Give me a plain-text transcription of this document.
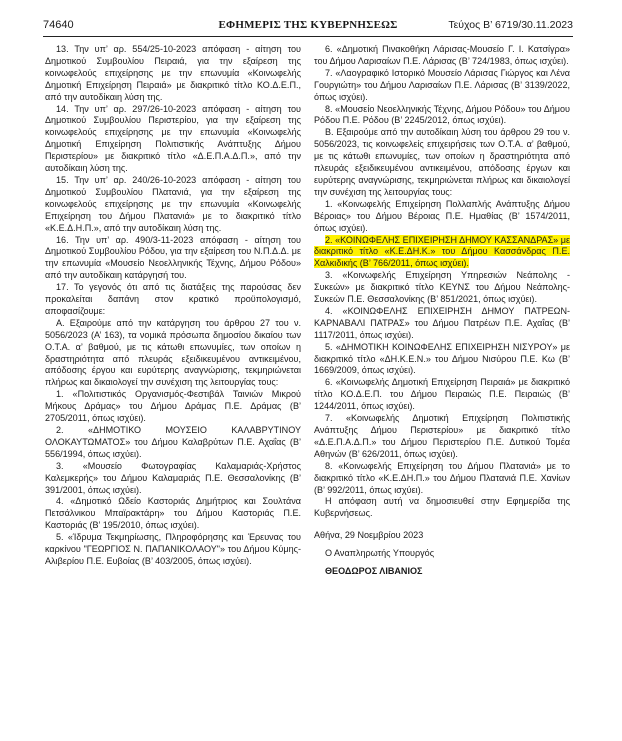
74640	ΕΦΗΜΕΡΙΣ ΤΗΣ ΚΥΒΕΡΝΗΣΕΩΣ	Τεύχος B’ 6719/30.11.2023

13. Την υπ’ αρ. 554/25-10-2023 απόφαση - αίτηση του Δημοτικού Συμβουλίου Πειραιά, για την εξαίρεση της κοινωφελούς επιχείρησης με την επωνυμία «Κοινωφελής Δημοτική Επιχείρηση Πειραιά» με διακριτικό τίτλο ΚΟ.Δ.Ε.Π., από την αυτοδίκαιη λύση της.

14. Την υπ’ αρ. 297/26-10-2023 απόφαση - αίτηση του Δημοτικού Συμβουλίου Περιστερίου, για την εξαίρεση της κοινωφελούς επιχείρησης με την επωνυμία «Κοινωφελής Δημοτική Επιχείρηση Πολιτιστικής Ανάπτυξης Δήμου Περιστερίου» με διακριτικό τίτλο «Δ.Ε.Π.Α.Δ.Π.», από την αυτοδίκαιη λύση της.

15. Την υπ’ αρ. 240/26-10-2023 απόφαση - αίτηση του Δημοτικού Συμβουλίου Πλατανιά, για την εξαίρεση της κοινωφελούς επιχείρησης με την επωνυμία «Κοινωφελής Επιχείρηση του Δήμου Πλατανιά» με το διακριτικό τίτλο «Κ.Ε.Δ.Η.Π.», από την αυτοδίκαιη λύση της.

16. Την υπ’ αρ. 490/3-11-2023 απόφαση - αίτηση του Δημοτικού Συμβουλίου Ρόδου, για την εξαίρεση του Ν.Π.Δ.Δ. με την επωνυμία «Μουσείο Νεοελληνικής Τέχνης, Δήμου Ρόδου» από την αυτοδίκαιη κατάργησή του.

17. Το γεγονός ότι από τις διατάξεις της παρούσας δεν προκαλείται δαπάνη στον κρατικό προϋπολογισμό, αποφασίζουμε:

Α. Εξαιρούμε από την κατάργηση του άρθρου 27 του ν. 5056/2023 (Α’ 163), τα νομικά πρόσωπα δημοσίου δικαίου των Ο.Τ.Α. α’ βαθμού, με τις κάτωθι επωνυμίες, των οποίων η δραστηριότητα από πλευράς εξειδικευμένου αντικειμένου, απόδοσης έργου και ευρύτερης αναγνώρισης, τεκμηριώνεται πλήρως και δικαιολογεί την συνέχιση της λειτουργίας τους:

1. «Πολιτιστικός Οργανισμός-Φεστιβάλ Ταινιών Μικρού Μήκους Δράμας» του Δήμου Δράμας Π.Ε. Δράμας (Β’ 2705/2011, όπως ισχύει).

2. «ΔΗΜΟΤΙΚΟ ΜΟΥΣΕΙΟ ΚΑΛΑΒΡΥΤΙΝΟΥ ΟΛΟΚΑΥΤΩΜΑΤΟΣ» του Δήμου Καλαβρύτων Π.Ε. Αχαΐας (Β’ 556/1994, όπως ισχύει).

3. «Μουσείο Φωτογραφίας Καλαμαριάς-Χρήστος Καλεμκερής» του Δήμου Καλαμαριάς Π.Ε. Θεσσαλονίκης (Β’ 391/2001, όπως ισχύει).

4. «Δημοτικό Ωδείο Καστοριάς Δημήτριος και Σουλτάνα Πετσάλνικου Μπαϊρακτάρη» του Δήμου Καστοριάς Π.Ε. Καστοριάς (Β’ 195/2010, όπως ισχύει).

5. «Ίδρυμα Τεκμηρίωσης, Πληροφόρησης και Έρευνας του καρκίνου "ΓΕΩΡΓΙΟΣ Ν. ΠΑΠΑΝΙΚΟΛΑΟΥ"» του Δήμου Κύμης-Αλιβερίου Π.Ε. Ευβοίας (Β’ 403/2005, όπως ισχύει).

6. «Δημοτική Πινακοθήκη Λάρισας-Μουσείο Γ. Ι. Κατσίγρα» του Δήμου Λαρισαίων Π.Ε. Λάρισας (Β’ 724/1983, όπως ισχύει).

7. «Λαογραφικό Ιστορικό Μουσείο Λάρισας Γιώργος και Λένα Γουργιώτη» του Δήμου Λαρισαίων Π.Ε. Λάρισας (Β’ 3139/2022, όπως ισχύει).

8. «Μουσείο Νεοελληνικής Τέχνης, Δήμου Ρόδου» του Δήμου Ρόδου Π.Ε. Ρόδου (Β’ 2245/2012, όπως ισχύει).

Β. Εξαιρούμε από την αυτοδίκαιη λύση του άρθρου 29 του ν. 5056/2023, τις κοινωφελείς επιχειρήσεις των Ο.Τ.Α. α’ βαθμού, με τις κάτωθι επωνυμίες, των οποίων η δραστηριότητα από πλευράς εξειδικευμένου αντικειμένου, απόδοσης έργων και ευρύτερης αναγνώρισης, τεκμηριώνεται πλήρως και δικαιολογεί την συνέχιση της λειτουργίας τους:

1. «Κοινωφελής Επιχείρηση Πολλαπλής Ανάπτυξης Δήμου Βέροιας» του Δήμου Βέροιας Π.Ε. Ημαθίας (Β’ 1574/2011, όπως ισχύει).

2. «ΚΟΙΝΩΦΕΛΗΣ ΕΠΙΧΕΙΡΗΣΗ ΔΗΜΟΥ ΚΑΣΣΑΝΔΡΑΣ» με διακριτικό τίτλο «Κ.Ε.ΔΗ.Κ.» του Δήμου Κασσάνδρας Π.Ε. Χαλκιδικής (Β’ 766/2011, όπως ισχύει).

3. «Κοινωφελής Επιχείρηση Υπηρεσιών Νεάπολης - Συκεών» με διακριτικό τίτλο ΚΕΥΝΣ του Δήμου Νεάπολης-Συκεών Π.Ε. Θεσσαλονίκης (Β’ 851/2021, όπως ισχύει).

4. «ΚΟΙΝΩΦΕΛΗΣ ΕΠΙΧΕΙΡΗΣΗ ΔΗΜΟΥ ΠΑΤΡΕΩΝ-ΚΑΡΝΑΒΑΛΙ ΠΑΤΡΑΣ» του Δήμου Πατρέων Π.Ε. Αχαΐας (Β’ 1117/2011, όπως ισχύει).

5. «ΔΗΜΟΤΙΚΗ ΚΟΙΝΩΦΕΛΗΣ ΕΠΙΧΕΙΡΗΣΗ ΝΙΣΥΡΟΥ» με διακριτικό τίτλο «ΔΗ.Κ.Ε.Ν.» του Δήμου Νισύρου Π.Ε. Κω (Β’ 1669/2009, όπως ισχύει).

6. «Κοινωφελής Δημοτική Επιχείρηση Πειραιά» με διακριτικό τίτλο ΚΟ.Δ.Ε.Π. του Δήμου Πειραιώς Π.Ε. Πειραιώς (Β’ 1244/2011, όπως ισχύει).

7. «Κοινωφελής Δημοτική Επιχείρηση Πολιτιστικής Ανάπτυξης Δήμου Περιστερίου» με διακριτικό τίτλο «Δ.Ε.Π.Α.Δ.Π.» του Δήμου Περιστερίου Π.Ε. Δυτικού Τομέα Αθηνών (Β’ 626/2011, όπως ισχύει).

8. «Κοινωφελής Επιχείρηση του Δήμου Πλατανιά» με το διακριτικό τίτλο «Κ.Ε.ΔΗ.Π.» του Δήμου Πλατανιά Π.Ε. Χανίων (Β’ 992/2011, όπως ισχύει).

Η απόφαση αυτή να δημοσιευθεί στην Εφημερίδα της Κυβερνήσεως.

Αθήνα, 29 Νοεμβρίου 2023

Ο Αναπληρωτής Υπουργός

ΘΕΟΔΩΡΟΣ ΛΙΒΑΝΙΟΣ
